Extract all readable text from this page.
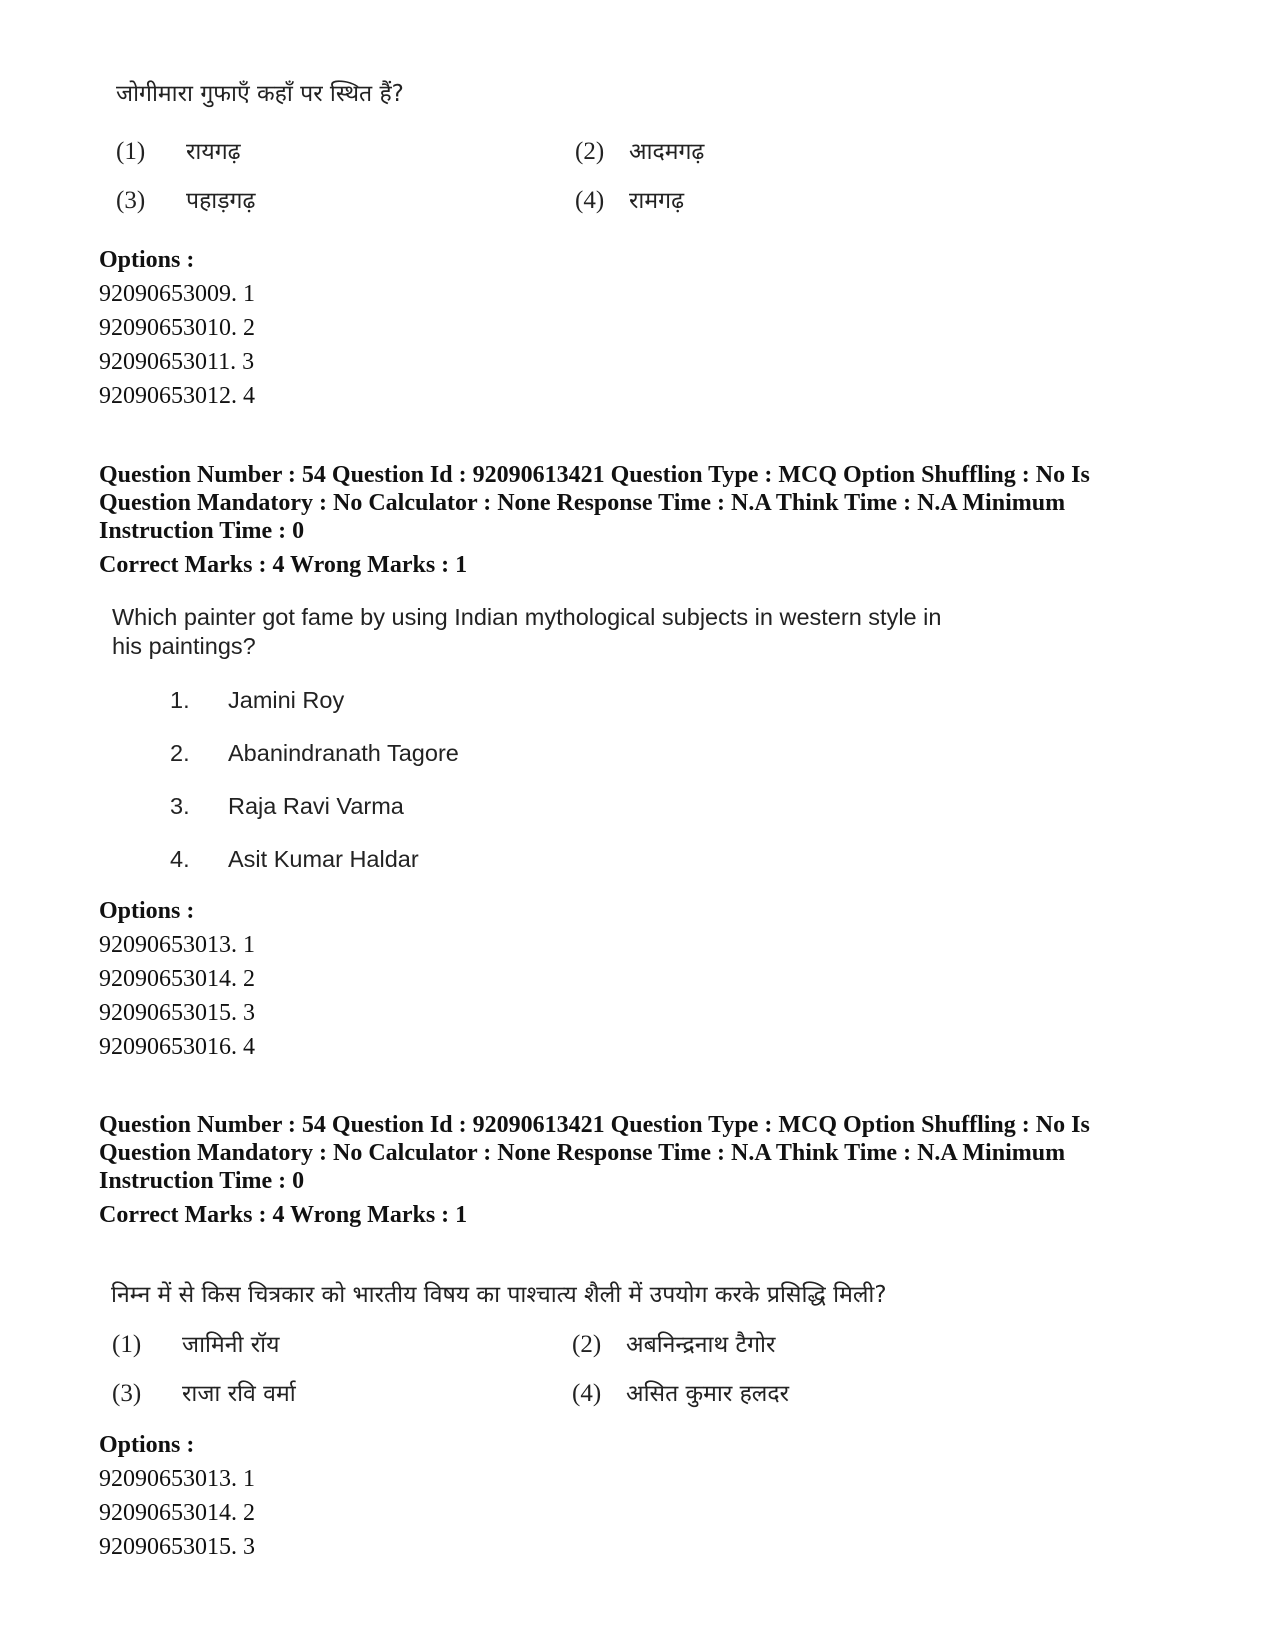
जोगीमारा गुफाएँ कहाँ पर स्थित हैं?
(1) रायगढ़	(2) आदमगढ़
(3) पहाड़गढ़	(4) रामगढ़
Options :
92090653009. 1
92090653010. 2
92090653011. 3
92090653012. 4
Question Number : 54 Question Id : 92090613421 Question Type : MCQ Option Shuffling : No Is
Question Mandatory : No Calculator : None Response Time : N.A Think Time : N.A Minimum
Instruction Time : 0
Correct Marks : 4 Wrong Marks : 1
Which painter got fame by using Indian mythological subjects in western style in
his paintings?
1. Jamini Roy
2. Abanindranath Tagore
3. Raja Ravi Varma
4. Asit Kumar Haldar
Options :
92090653013. 1
92090653014. 2
92090653015. 3
92090653016. 4
Question Number : 54 Question Id : 92090613421 Question Type : MCQ Option Shuffling : No Is
Question Mandatory : No Calculator : None Response Time : N.A Think Time : N.A Minimum
Instruction Time : 0
Correct Marks : 4 Wrong Marks : 1
निम्न में से किस चित्रकार को भारतीय विषय का पाश्चात्य शैली में उपयोग करके प्रसिद्धि मिली?
(1) जामिनी रॉय	(2) अबनिन्द्रनाथ टैगोर
(3) राजा रवि वर्मा	(4) असित कुमार हलदर
Options :
92090653013. 1
92090653014. 2
92090653015. 3
